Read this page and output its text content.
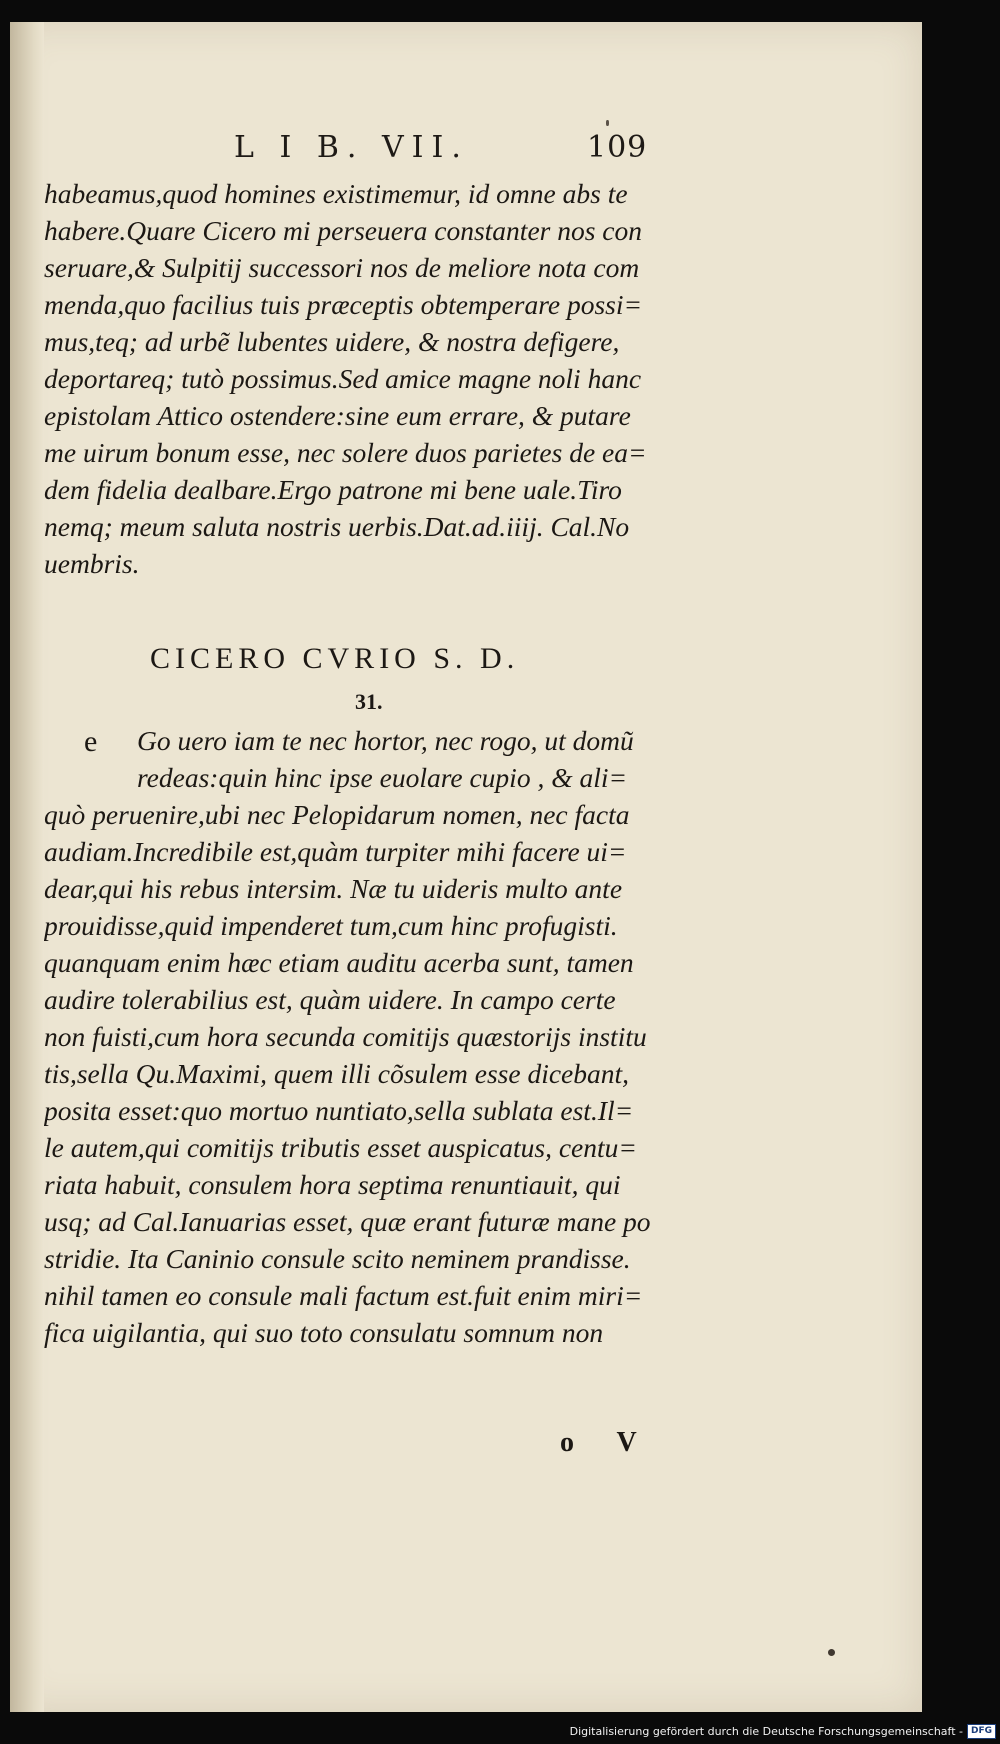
L I B. VII.	109
habeamus,quod homines existimemur, id omne abs te
habere.Quare Cicero mi perseuera constanter nos con
seruare,& Sulpitij successori nos de meliore nota com
menda,quo facilius tuis præceptis obtemperare possi=
mus,teq; ad urbẽ lubentes uidere, & nostra defigere,
deportareq; tutò possimus.Sed amice magne noli hanc
epistolam Attico ostendere:sine eum errare, & putare
me uirum bonum esse, nec solere duos parietes de ea=
dem fidelia dealbare.Ergo patrone mi bene uale.Tiro
nemq; meum saluta nostris uerbis.Dat.ad.iiij. Cal.No
uembris.
CICERO CVRIO S. D.
31.
e Go uero iam te nec hortor, nec rogo, ut domũ
redeas:quin hinc ipse euolare cupio , & ali=
quò peruenire,ubi nec Pelopidarum nomen, nec facta
audiam.Incredibile est,quàm turpiter mihi facere ui=
dear,qui his rebus intersim. Næ tu uideris multo ante
prouidisse,quid impenderet tum,cum hinc profugisti.
quanquam enim hæc etiam auditu acerba sunt, tamen
audire tolerabilius est, quàm uidere. In campo certe
non fuisti,cum hora secunda comitijs quæstorijs institu
tis,sella Qu.Maximi, quem illi cõsulem esse dicebant,
posita esset:quo mortuo nuntiato,sella sublata est.Il=
le autem,qui comitijs tributis esset auspicatus, centu=
riata habuit, consulem hora septima renuntiauit, qui
usq; ad Cal.Ianuarias esset, quæ erant futuræ mane po
stridie. Ita Caninio consule scito neminem prandisse.
nihil tamen eo consule mali factum est.fuit enim miri=
fica uigilantia, qui suo toto consulatu somnum non
o V
Digitalisierung gefördert durch die Deutsche Forschungsgemeinschaft - DFG
